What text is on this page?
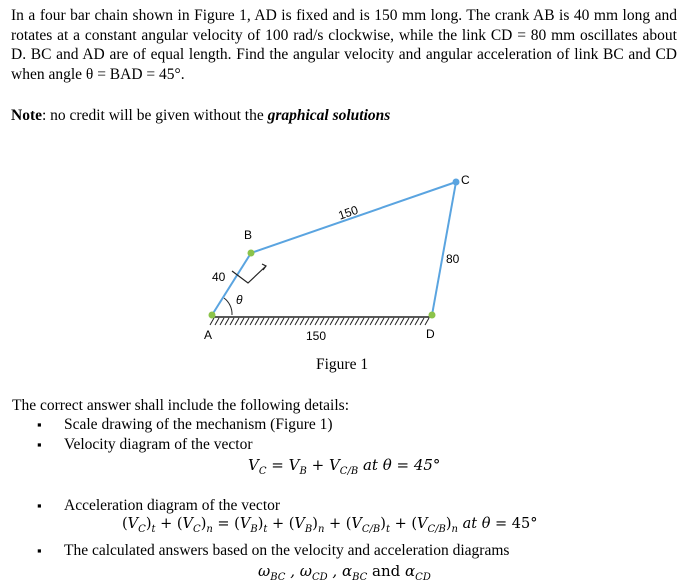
In a four bar chain shown in Figure 1, AD is fixed and is 150 mm long. The crank AB is 40 mm long and rotates at a constant angular velocity of 100 rad/s clockwise, while the link CD = 80 mm oscillates about D. BC and AD are of equal length. Find the angular velocity and angular acceleration of link BC and CD when angle θ = BAD = 45°.

Note: no credit will be given without the graphical solutions

A
B
C
D
40
150
80
150
θ
Figure 1
The correct answer shall include the following details:
▪ Scale drawing of the mechanism (Figure 1)
▪ Velocity diagram of the vector
$V_C = V_B + V_{C/B}$ at θ = 45°
▪ Acceleration diagram of the vector
$(V_C)_t + (V_C)_n = (V_B)_t + (V_B)_n + (V_{C/B})_t + (V_{C/B})_n$ at θ = 45°
▪ The calculated answers based on the velocity and acceleration diagrams
$\omega_{BC}$ , $\omega_{CD}$ , $\alpha_{BC}$ and $\alpha_{CD}$
